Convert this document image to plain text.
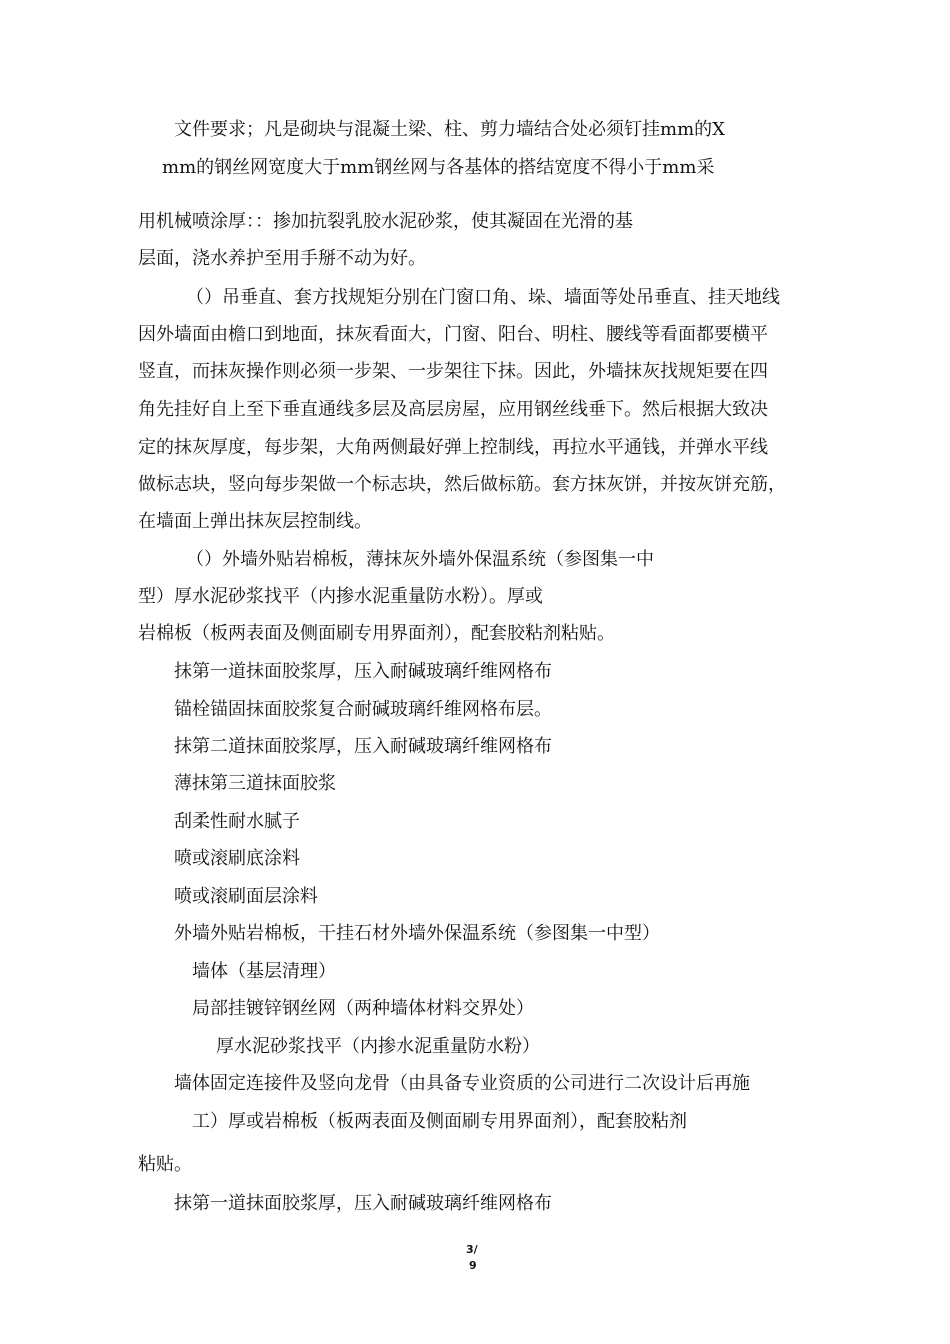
文件要求；凡是砌块与混凝土梁、柱、剪力墙结合处必须钉挂mm的X
mm的钢丝网宽度大于mm钢丝网与各基体的搭结宽度不得小于mm采
用机械喷涂厚：：掺加抗裂乳胶水泥砂浆，使其凝固在光滑的基
层面，浇水养护至用手掰不动为好。
（）吊垂直、套方找规矩分别在门窗口角、垛、墙面等处吊垂直、挂天地线
因外墙面由檐口到地面，抹灰看面大，门窗、阳台、明柱、腰线等看面都要横平
竖直，而抹灰操作则必须一步架、一步架往下抹。因此，外墙抹灰找规矩要在四
角先挂好自上至下垂直通线多层及高层房屋，应用钢丝线垂下。然后根据大致决
定的抹灰厚度，每步架，大角两侧最好弹上控制线，再拉水平通钱，并弹水平线
做标志块，竖向每步架做一个标志块，然后做标筋。套方抹灰饼，并按灰饼充筋，
在墙面上弹出抹灰层控制线。
（）外墙外贴岩棉板，薄抹灰外墙外保温系统（参图集一中
型）厚水泥砂浆找平（内掺水泥重量防水粉）。厚或
岩棉板（板两表面及侧面刷专用界面剂），配套胶粘剂粘贴。
抹第一道抹面胶浆厚，压入耐碱玻璃纤维网格布
锚栓锚固抹面胶浆复合耐碱玻璃纤维网格布层。
抹第二道抹面胶浆厚，压入耐碱玻璃纤维网格布
薄抹第三道抹面胶浆
刮柔性耐水腻子
喷或滚刷底涂料
喷或滚刷面层涂料
外墙外贴岩棉板，干挂石材外墙外保温系统（参图集一中型）
墙体（基层清理）
局部挂镀锌钢丝网（两种墙体材料交界处）
厚水泥砂浆找平（内掺水泥重量防水粉）
墙体固定连接件及竖向龙骨（由具备专业资质的公司进行二次设计后再施
工）厚或岩棉板（板两表面及侧面刷专用界面剂），配套胶粘剂
粘贴。
抹第一道抹面胶浆厚，压入耐碱玻璃纤维网格布
3/
9
